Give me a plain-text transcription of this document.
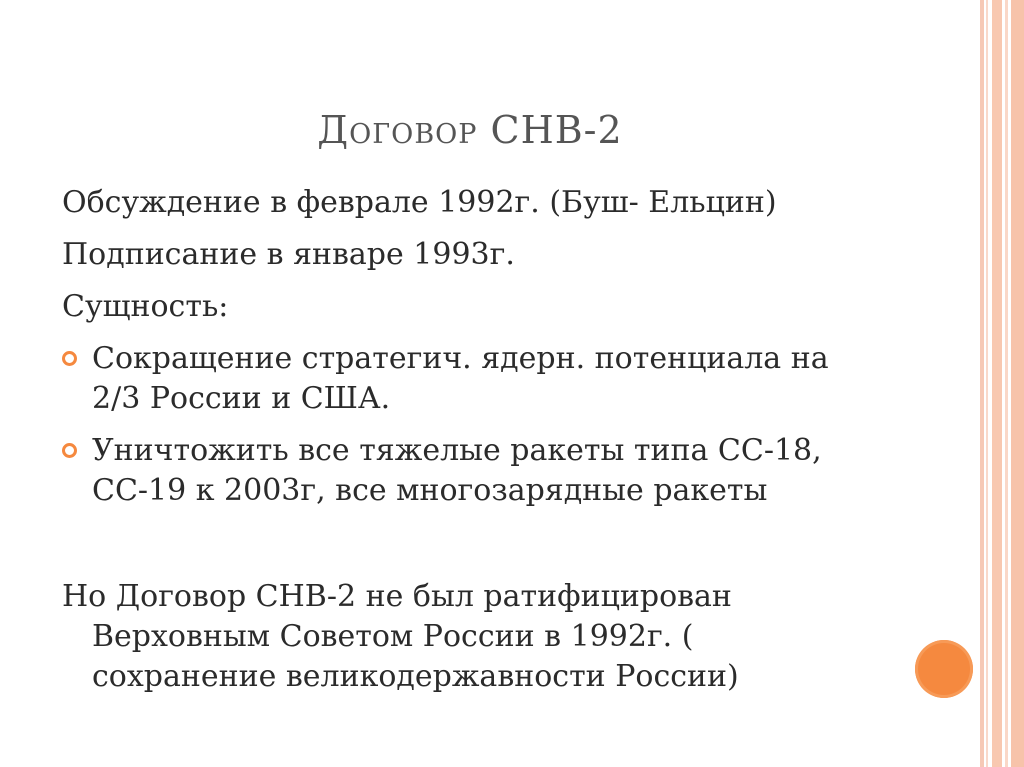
Договор СНВ-2
Обсуждение в феврале 1992г. (Буш- Ельцин)
Подписание в январе 1993г.
Сущность:
Сокращение стратегич. ядерн. потенциала на
2/3 России и США.
Уничтожить все тяжелые ракеты типа СС-18,
СС-19 к 2003г, все многозарядные ракеты
Но Договор СНВ-2 не был ратифицирован
Верховным Советом России в 1992г. (
сохранение великодержавности России)
